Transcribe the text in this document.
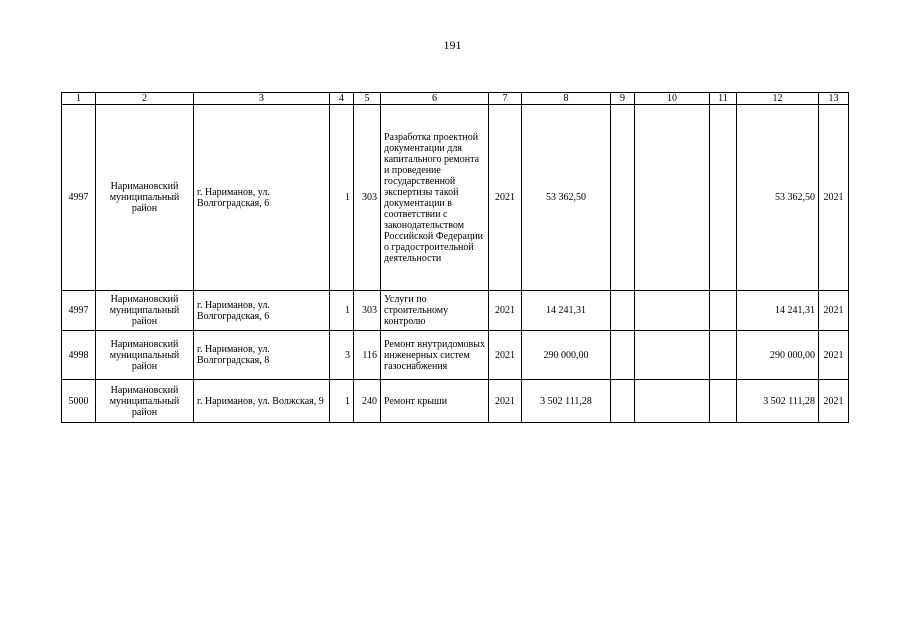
191
1	2	3	4	5	6	7	8	9	10	11	12	13
4997	Наримановский муниципальный район	г. Нариманов, ул. Волгоградская, 6	1	303	Разработка проектной документации для капитального ремонта и проведение государственной экспертизы такой документации в соответствии с законодательством Российской Федерации о градостроительной деятельности	2021	53 362,50				53 362,50	2021
4997	Наримановский муниципальный район	г. Нариманов, ул. Волгоградская, 6	1	303	Услуги по строительному контролю	2021	14 241,31				14 241,31	2021
4998	Наримановский муниципальный район	г. Нариманов, ул. Волгоградская, 8	3	116	Ремонт внутридомовых инженерных систем газоснабжения	2021	290 000,00				290 000,00	2021
5000	Наримановский муниципальный район	г. Нариманов, ул. Волжская, 9	1	240	Ремонт крыши	2021	3 502 111,28				3 502 111,28	2021
